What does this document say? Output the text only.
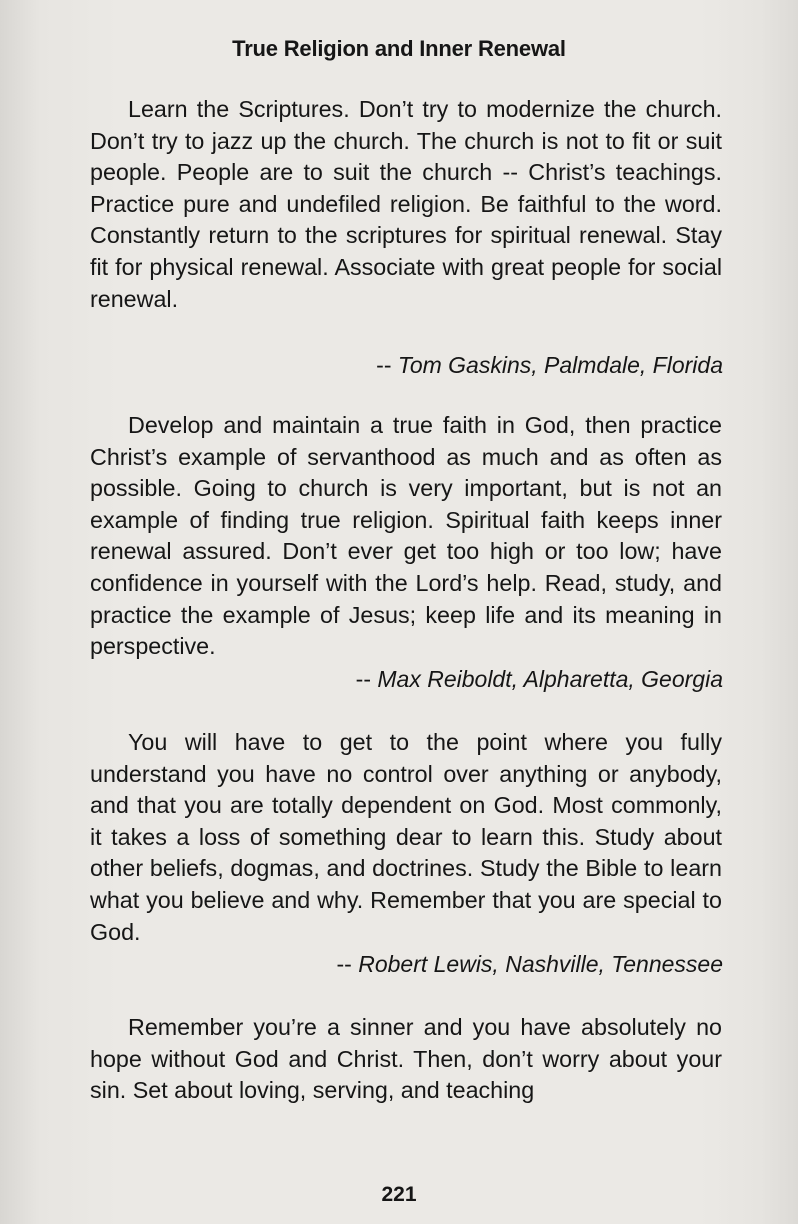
True Religion and Inner Renewal

Learn the Scriptures. Don’t try to modernize the church. Don’t try to jazz up the church. The church is not to fit or suit people. People are to suit the church -- Christ’s teachings. Practice pure and undefiled religion. Be faithful to the word. Constantly return to the scriptures for spiritual renewal. Stay fit for physical renewal. Associate with great people for social renewal.

-- Tom Gaskins, Palmdale, Florida

Develop and maintain a true faith in God, then practice Christ’s example of servanthood as much and as often as possible. Going to church is very important, but is not an example of finding true religion. Spiritual faith keeps inner renewal assured. Don’t ever get too high or too low; have confidence in yourself with the Lord’s help. Read, study, and practice the example of Jesus; keep life and its meaning in perspective.

-- Max Reiboldt, Alpharetta, Georgia

You will have to get to the point where you fully understand you have no control over anything or anybody, and that you are totally dependent on God. Most commonly, it takes a loss of something dear to learn this. Study about other beliefs, dogmas, and doctrines. Study the Bible to learn what you believe and why. Remember that you are special to God.

-- Robert Lewis, Nashville, Tennessee

Remember you’re a sinner and you have absolutely no hope without God and Christ. Then, don’t worry about your sin. Set about loving, serving, and teaching

221
